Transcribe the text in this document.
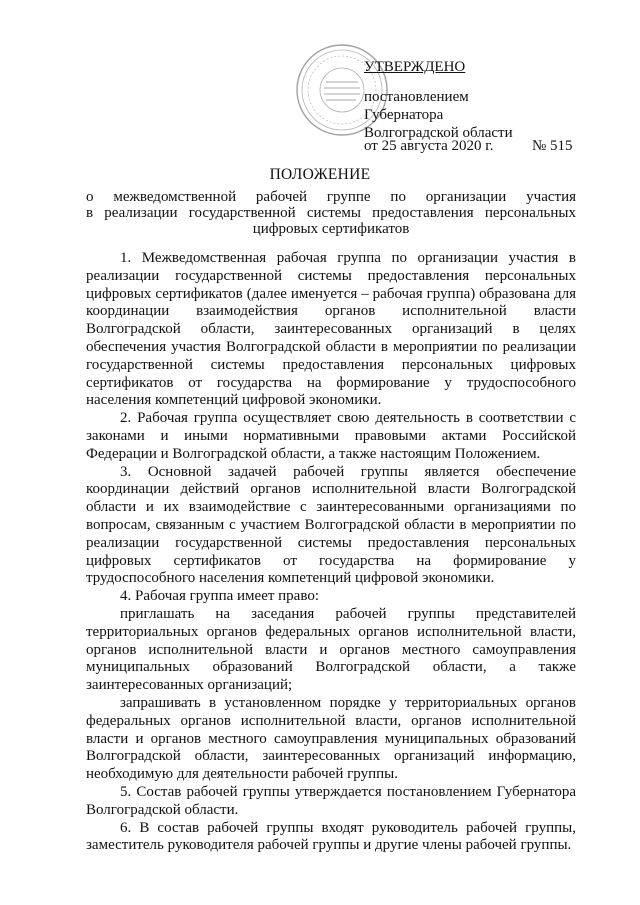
УТВЕРЖДЕНО
постановлением
Губернатора
Волгоградской области
от 25 августа 2020 г.	№ 515
ПОЛОЖЕНИЕ
о межведомственной рабочей группе по организации участия
в реализации государственной системы предоставления персональных
цифровых сертификатов

1. Межведомственная рабочая группа по организации участия в реализации государственной системы предоставления персональных цифровых сертификатов (далее именуется – рабочая группа) образована для координации взаимодействия органов исполнительной власти Волгоградской области, заинтересованных организаций в целях обеспечения участия Волгоградской области в мероприятии по реализации государственной системы предоставления персональных цифровых сертификатов от государства на формирование у трудоспособного населения компетенций цифровой экономики.

2. Рабочая группа осуществляет свою деятельность в соответствии с законами и иными нормативными правовыми актами Российской Федерации и Волгоградской области, а также настоящим Положением.

3. Основной задачей рабочей группы является обеспечение координации действий органов исполнительной власти Волгоградской области и их взаимодействие с заинтересованными организациями по вопросам, связанным с участием Волгоградской области в мероприятии по реализации государственной системы предоставления персональных цифровых сертификатов от государства на формирование у трудоспособного населения компетенций цифровой экономики.

4. Рабочая группа имеет право:

приглашать на заседания рабочей группы представителей территориальных органов федеральных органов исполнительной власти, органов исполнительной власти и органов местного самоуправления муниципальных образований Волгоградской области, а также заинтересованных организаций;

запрашивать в установленном порядке у территориальных органов федеральных органов исполнительной власти, органов исполнительной власти и органов местного самоуправления муниципальных образований Волгоградской области, заинтересованных организаций информацию, необходимую для деятельности рабочей группы.

5. Состав рабочей группы утверждается постановлением Губернатора Волгоградской области.

6. В состав рабочей группы входят руководитель рабочей группы, заместитель руководителя рабочей группы и другие члены рабочей группы.
